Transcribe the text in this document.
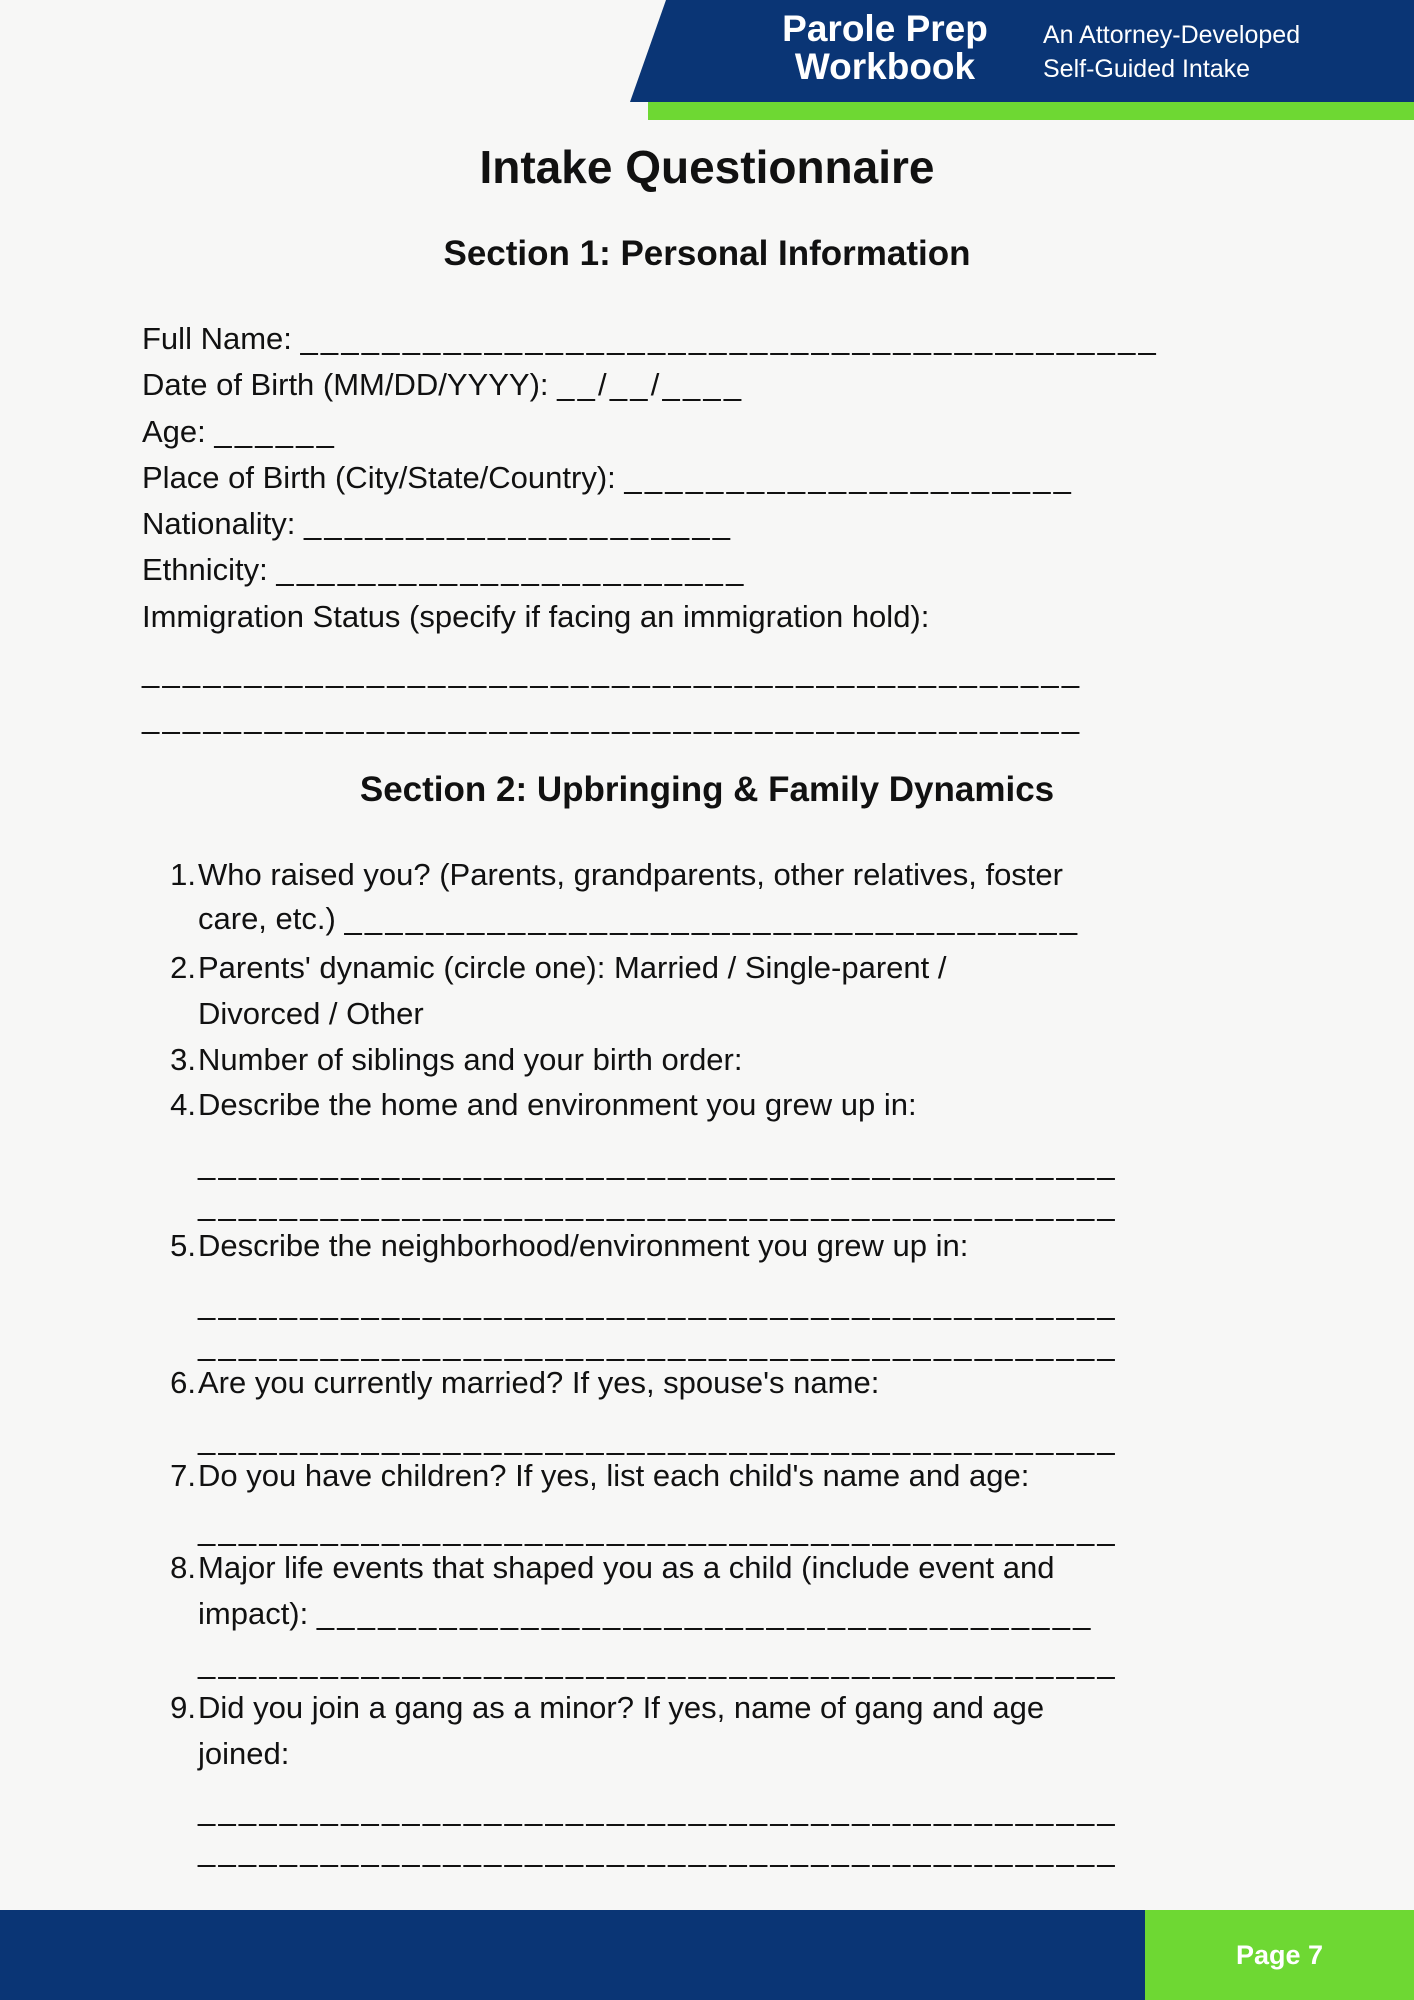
Parole Prep
Workbook
An Attorney-Developed
Self-Guided Intake
Intake Questionnaire
Section 1: Personal Information
Full Name: __________________________________________
Date of Birth (MM/DD/YYYY): __/__/____
Age: ______
Place of Birth (City/State/Country): ______________________
Nationality: _____________________
Ethnicity: _______________________
Immigration Status (specify if facing an immigration hold):
______________________________________________
______________________________________________
Section 2: Upbringing & Family Dynamics
1. Who raised you? (Parents, grandparents, other relatives, foster
care, etc.) ____________________________________
2. Parents' dynamic (circle one): Married / Single-parent /
Divorced / Other
3. Number of siblings and your birth order:
4. Describe the home and environment you grew up in:
_____________________________________________
_____________________________________________
5. Describe the neighborhood/environment you grew up in:
_____________________________________________
_____________________________________________
6. Are you currently married? If yes, spouse's name:
_____________________________________________
7. Do you have children? If yes, list each child's name and age:
_____________________________________________
8. Major life events that shaped you as a child (include event and
impact): ______________________________________
_____________________________________________
9. Did you join a gang as a minor? If yes, name of gang and age
joined:
_____________________________________________
_____________________________________________
Page 7
